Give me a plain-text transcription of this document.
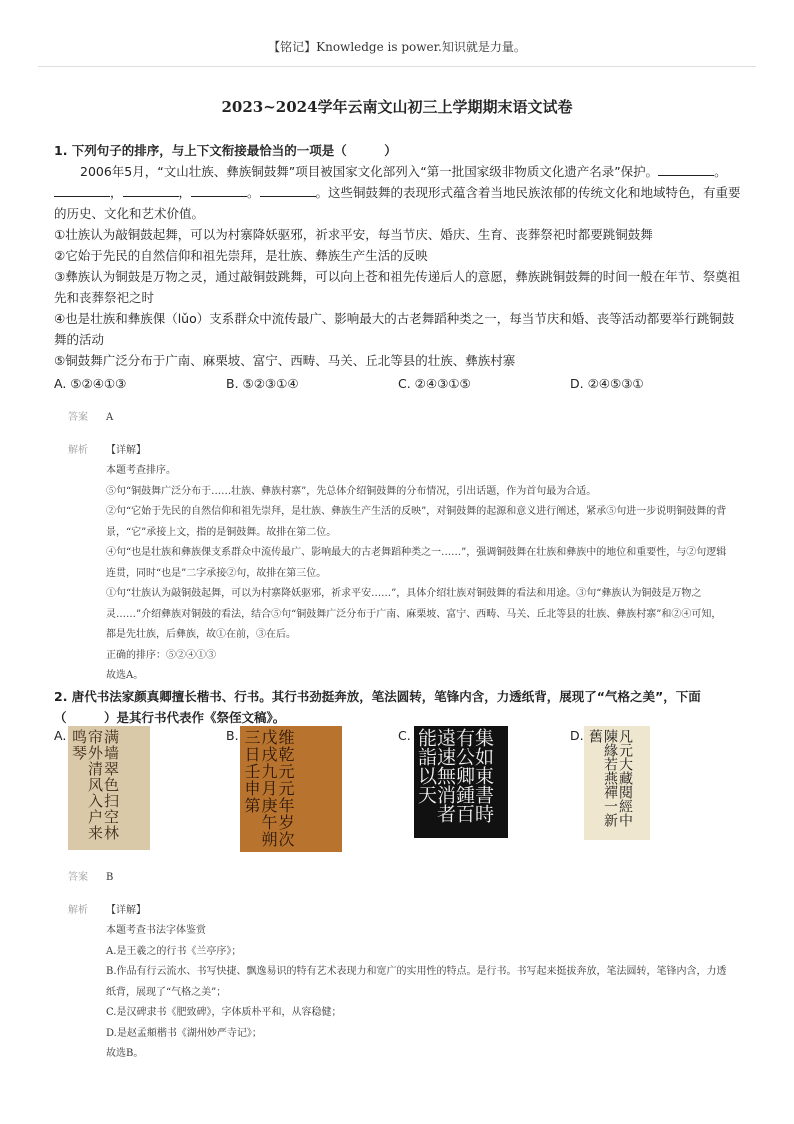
【铭记】Knowledge is power.知识就是力量。
2023~2024学年云南文山初三上学期期末语文试卷
1. 下列句子的排序，与上下文衔接最恰当的一项是（　　　）
2006年5月，“文山壮族、彝族铜鼓舞”项目被国家文化部列入“第一批国家级非物质文化遗产名录”保护。	。，	，	。	。这些铜鼓舞的表现形式蕴含着当地民族浓郁的传统文化和地域特色，有重要的历史、文化和艺术价值。
①壮族认为敲铜鼓起舞，可以为村寨降妖驱邪，祈求平安，每当节庆、婚庆、生育、丧葬祭祀时都要跳铜鼓舞
②它始于先民的自然信仰和祖先崇拜，是壮族、彝族生产生活的反映
③彝族认为铜鼓是万物之灵，通过敲铜鼓跳舞，可以向上苍和祖先传递后人的意愿，彝族跳铜鼓舞的时间一般在年节、祭奠祖先和丧葬祭祀之时
④也是壮族和彝族倮（lǔo）支系群众中流传最广、影响最大的古老舞蹈种类之一，每当节庆和婚、丧等活动都要举行跳铜鼓舞的活动
⑤铜鼓舞广泛分布于广南、麻栗坡、富宁、西畴、马关、丘北等县的壮族、彝族村寨
A. ⑤②④①③	B. ⑤②③①④	C. ②④③①⑤	D. ②④⑤③①
答案	A
解析	【详解】
本题考查排序。
⑤句“铜鼓舞广泛分布于……壮族、彝族村寨”，先总体介绍铜鼓舞的分布情况，引出话题，作为首句最为合适。
②句“它始于先民的自然信仰和祖先崇拜，是壮族、彝族生产生活的反映”，对铜鼓舞的起源和意义进行阐述，紧承⑤句进一步说明铜鼓舞的背景，“它”承接上文，指的是铜鼓舞。故排在第二位。
④句“也是壮族和彝族倮支系群众中流传最广、影响最大的古老舞蹈种类之一……”，强调铜鼓舞在壮族和彝族中的地位和重要性，与②句逻辑连贯，同时“也是”二字承接②句，故排在第三位。
①句“壮族认为敲铜鼓起舞，可以为村寨降妖驱邪，祈求平安……”，具体介绍壮族对铜鼓舞的看法和用途。③句“彝族认为铜鼓是万物之灵……”介绍彝族对铜鼓的看法，结合⑤句“铜鼓舞广泛分布于广南、麻栗坡、富宁、西畴、马关、丘北等县的壮族、彝族村寨”和②④可知，都是先壮族，后彝族，故①在前，③在后。
正确的排序：⑤②④①③
故选A。
2. 唐代书法家颜真卿擅长楷书、行书。其行书劲挺奔放，笔法圆转，笔锋内含，力透纸背，展现了“气格之美”，下面
（　　　）是其行书代表作《祭侄文稿》。
A.	满墙翠色扫空林帘外清风入户来鸣琴	B.	维乾元元年岁次戊戌九月庚午朔三日壬申第	C.	集如東書時有公卿鍾百遠速無消者能詣以天	D.	凡元大藏閱經中陳緣若燕禪一新舊
答案	B
解析	【详解】
本题考查书法字体鉴赏
A.是王羲之的行书《兰亭序》；
B.作品有行云流水、书写快捷、飘逸易识的特有艺术表现力和宽广的实用性的特点。是行书。书写起来挺拔奔放，笔法圆转，笔锋内含，力透纸背，展现了“气格之美”；
C.是汉碑隶书《肥致碑》，字体质朴平和，从容稳健；
D.是赵孟頫楷书《湖州妙严寺记》；
故选B。
